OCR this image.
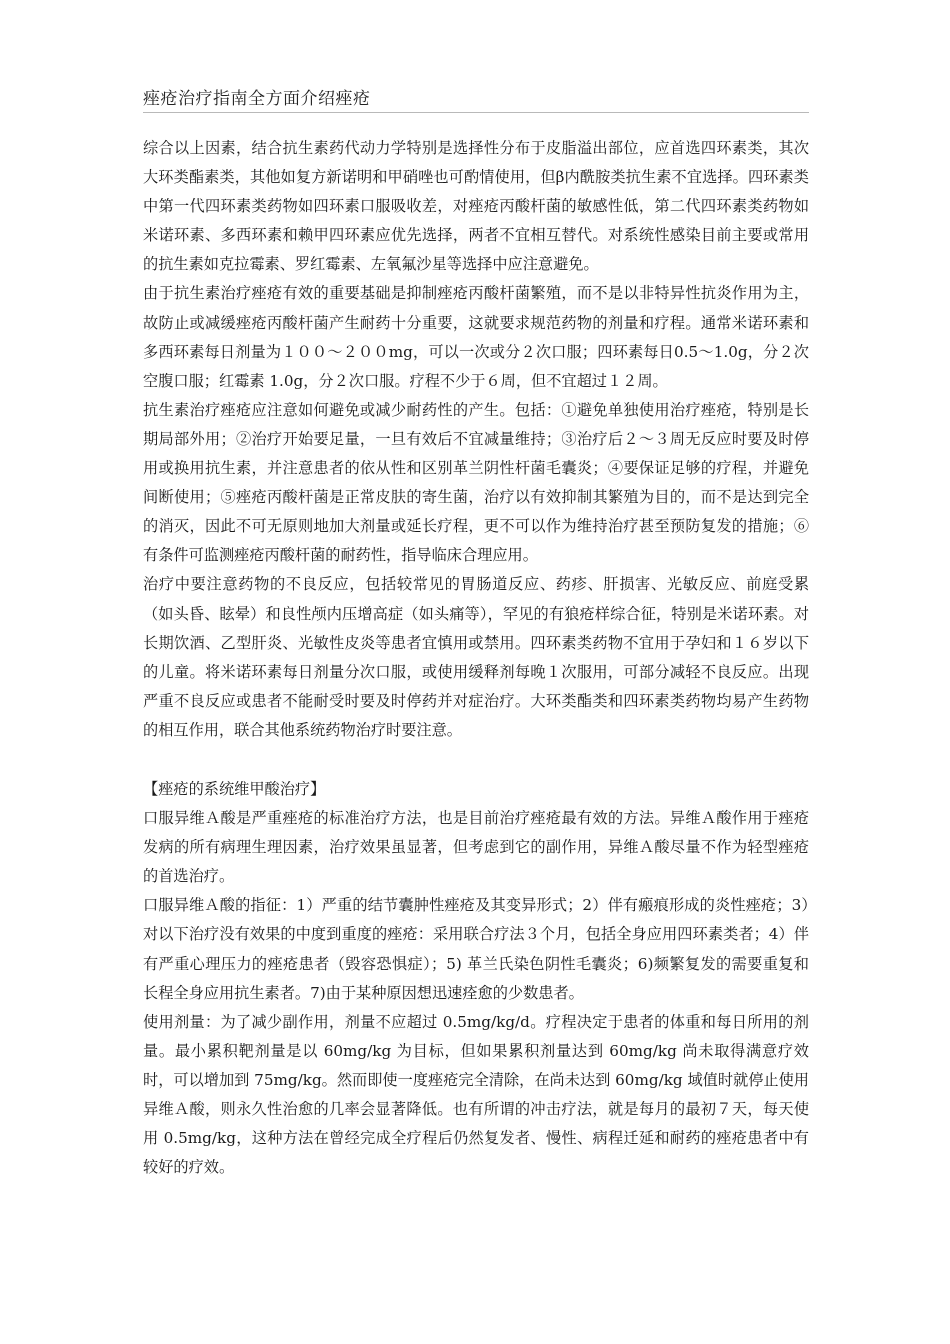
痤疮治疗指南全方面介绍痤疮

综合以上因素，结合抗生素药代动力学特别是选择性分布于皮脂溢出部位，应首选四环素类，其次大环类酯素类，其他如复方新诺明和甲硝唑也可酌情使用，但β内酰胺类抗生素不宜选择。四环素类中第一代四环素类药物如四环素口服吸收差，对痤疮丙酸杆菌的敏感性低，第二代四环素类药物如米诺环素、多西环素和赖甲四环素应优先选择，两者不宜相互替代。对系统性感染目前主要或常用的抗生素如克拉霉素、罗红霉素、左氧氟沙星等选择中应注意避免。

由于抗生素治疗痤疮有效的重要基础是抑制痤疮丙酸杆菌繁殖，而不是以非特异性抗炎作用为主，故防止或减缓痤疮丙酸杆菌产生耐药十分重要，这就要求规范药物的剂量和疗程。通常米诺环素和多西环素每日剂量为１００～２００mg，可以一次或分２次口服；四环素每日0.5～1.0g，分２次空腹口服；红霉素 1.0g，分２次口服。疗程不少于６周，但不宜超过１２周。

抗生素治疗痤疮应注意如何避免或减少耐药性的产生。包括：①避免单独使用治疗痤疮，特别是长期局部外用；②治疗开始要足量，一旦有效后不宜减量维持；③治疗后２～３周无反应时要及时停用或换用抗生素，并注意患者的依从性和区别革兰阴性杆菌毛囊炎；④要保证足够的疗程，并避免间断使用；⑤痤疮丙酸杆菌是正常皮肤的寄生菌，治疗以有效抑制其繁殖为目的，而不是达到完全的消灭，因此不可无原则地加大剂量或延长疗程，更不可以作为维持治疗甚至预防复发的措施；⑥有条件可监测痤疮丙酸杆菌的耐药性，指导临床合理应用。

治疗中要注意药物的不良反应，包括较常见的胃肠道反应、药疹、肝损害、光敏反应、前庭受累（如头昏、眩晕）和良性颅内压增高症（如头痛等），罕见的有狼疮样综合征，特别是米诺环素。对长期饮酒、乙型肝炎、光敏性皮炎等患者宜慎用或禁用。四环素类药物不宜用于孕妇和１６岁以下的儿童。将米诺环素每日剂量分次口服，或使用缓释剂每晚１次服用，可部分减轻不良反应。出现严重不良反应或患者不能耐受时要及时停药并对症治疗。大环类酯类和四环素类药物均易产生药物的相互作用，联合其他系统药物治疗时要注意。

【痤疮的系统维甲酸治疗】

口服异维Ａ酸是严重痤疮的标准治疗方法，也是目前治疗痤疮最有效的方法。异维Ａ酸作用于痤疮发病的所有病理生理因素，治疗效果虽显著，但考虑到它的副作用，异维Ａ酸尽量不作为轻型痤疮的首选治疗。

口服异维Ａ酸的指征：1）严重的结节囊肿性痤疮及其变异形式；2）伴有瘢痕形成的炎性痤疮；3）对以下治疗没有效果的中度到重度的痤疮：采用联合疗法３个月，包括全身应用四环素类者；4）伴有严重心理压力的痤疮患者（毁容恐惧症）；5) 革兰氏染色阴性毛囊炎；6)频繁复发的需要重复和长程全身应用抗生素者。7)由于某种原因想迅速痊愈的少数患者。

使用剂量：为了减少副作用，剂量不应超过 0.5mg/kg/d。疗程决定于患者的体重和每日所用的剂量。最小累积靶剂量是以 60mg/kg 为目标，但如果累积剂量达到 60mg/kg 尚未取得满意疗效时，可以增加到 75mg/kg。然而即使一度痤疮完全清除，在尚未达到 60mg/kg 域值时就停止使用异维Ａ酸，则永久性治愈的几率会显著降低。也有所谓的冲击疗法，就是每月的最初７天，每天使用 0.5mg/kg，这种方法在曾经完成全疗程后仍然复发者、慢性、病程迁延和耐药的痤疮患者中有较好的疗效。
